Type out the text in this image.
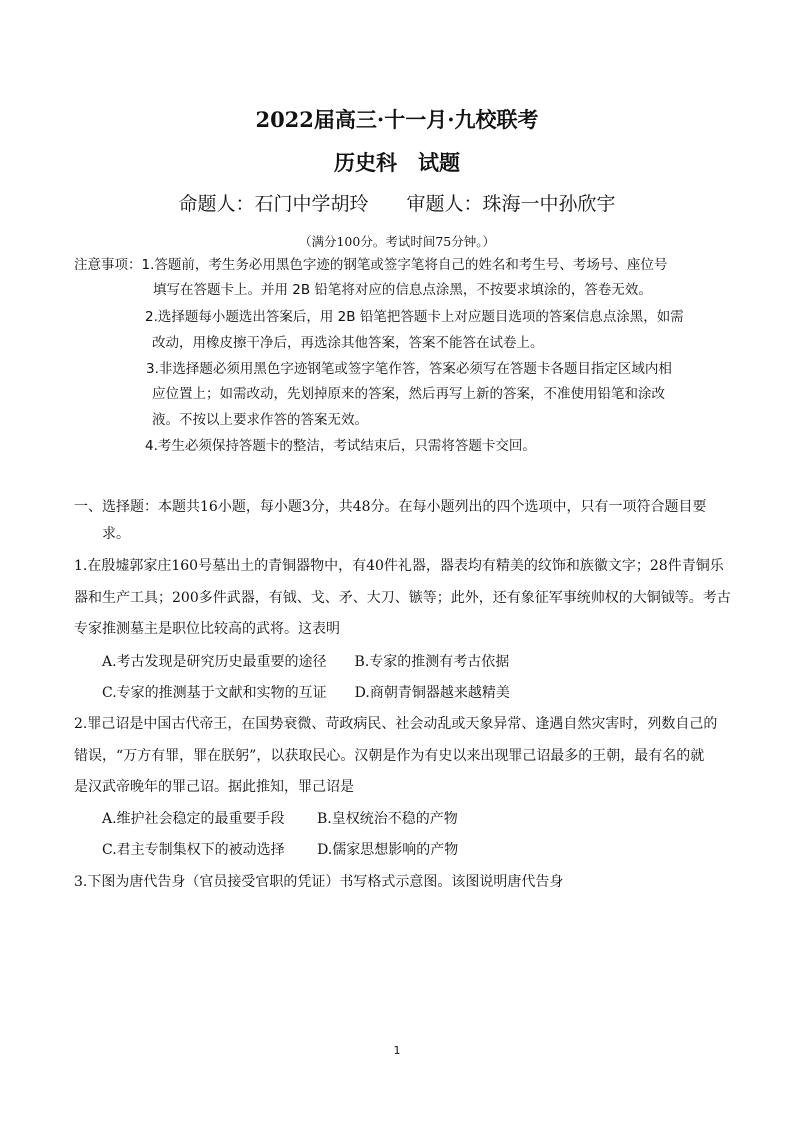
2022届高三·十一月·九校联考
历史科　试题
命题人：石门中学胡玲　　审题人：珠海一中孙欣宇
（满分100分。考试时间75分钟。）
注意事项：1.答题前，考生务必用黑色字迹的钢笔或签字笔将自己的姓名和考生号、考场号、座位号
填写在答题卡上。并用 2B 铅笔将对应的信息点涂黑，不按要求填涂的，答卷无效。
2.选择题每小题选出答案后，用 2B 铅笔把答题卡上对应题目选项的答案信息点涂黑，如需
改动，用橡皮擦干净后，再选涂其他答案，答案不能答在试卷上。
3.非选择题必须用黑色字迹钢笔或签字笔作答，答案必须写在答题卡各题目指定区域内相
应位置上；如需改动，先划掉原来的答案，然后再写上新的答案，不准使用铅笔和涂改
液。不按以上要求作答的答案无效。
4.考生必须保持答题卡的整洁，考试结束后，只需将答题卡交回。
一、选择题：本题共16小题，每小题3分，共48分。在每小题列出的四个选项中，只有一项符合题目要
求。
1.在殷墟郭家庄160号墓出土的青铜器物中，有40件礼器，器表均有精美的纹饰和族徽文字；28件青铜乐
器和生产工具；200多件武器，有钺、戈、矛、大刀、镞等；此外，还有象征军事统帅权的大铜钺等。考古
专家推测墓主是职位比较高的武将。这表明
A.考古发现是研究历史最重要的途径　　B.专家的推测有考古依据
C.专家的推测基于文献和实物的互证　　D.商朝青铜器越来越精美
2.罪己诏是中国古代帝王，在国势衰微、苛政病民、社会动乱或天象异常、逢遇自然灾害时，列数自己的
错误，“万方有罪，罪在朕躬”，以获取民心。汉朝是作为有史以来出现罪己诏最多的王朝，最有名的就
是汉武帝晚年的罪己诏。据此推知，罪己诏是
A.维护社会稳定的最重要手段　　 B.皇权统治不稳的产物
C.君主专制集权下的被动选择　　 D.儒家思想影响的产物
3.下图为唐代告身（官员接受官职的凭证）书写格式示意图。该图说明唐代告身
1
